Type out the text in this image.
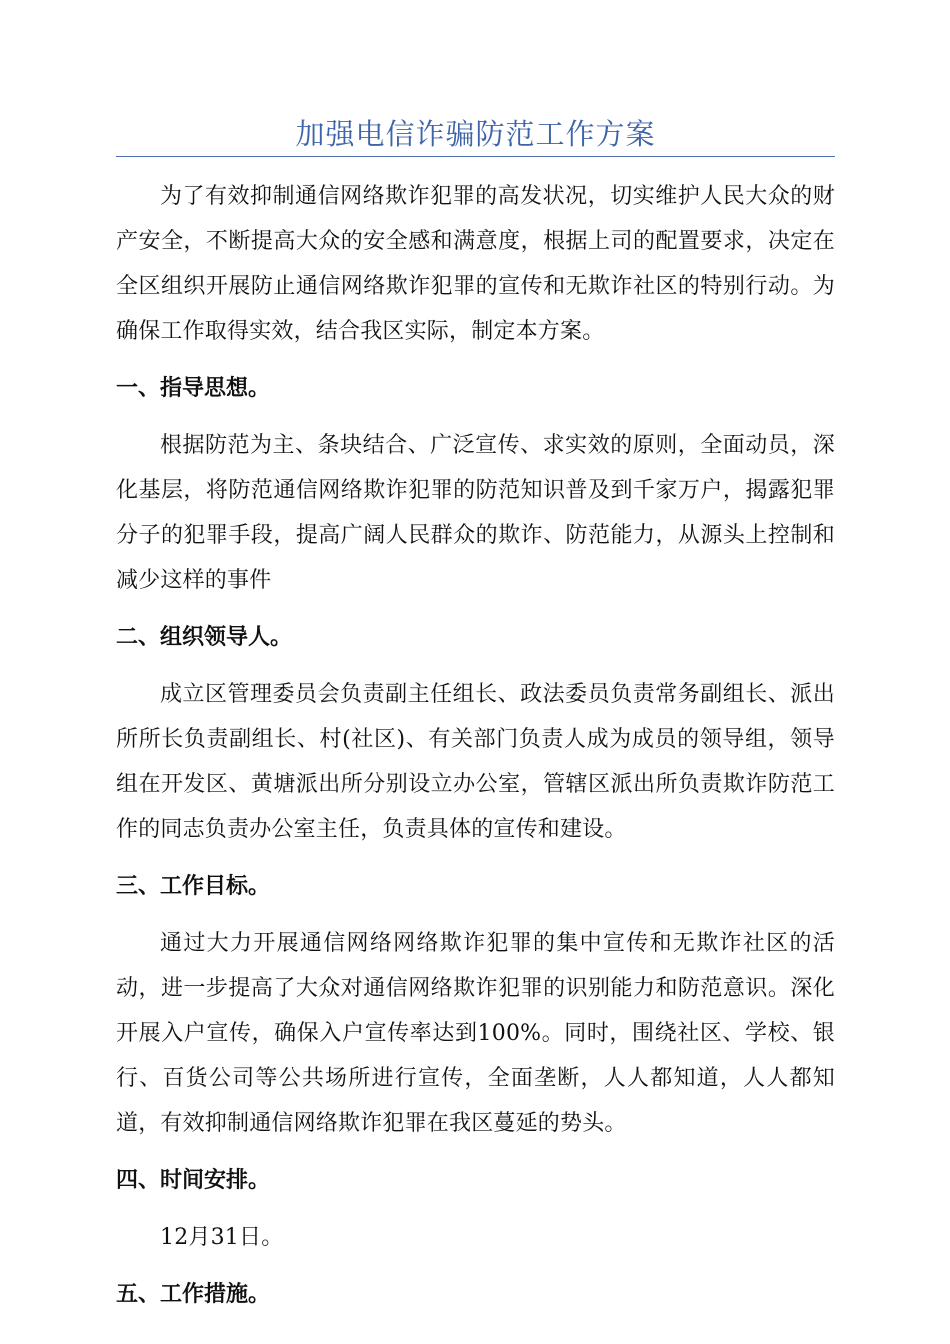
加强电信诈骗防范工作方案

为了有效抑制通信网络欺诈犯罪的高发状况，切实维护人民大众的财产安全，不断提高大众的安全感和满意度，根据上司的配置要求，决定在全区组织开展防止通信网络欺诈犯罪的宣传和无欺诈社区的特别行动。为确保工作取得实效，结合我区实际，制定本方案。

一、指导思想。

根据防范为主、条块结合、广泛宣传、求实效的原则，全面动员，深化基层，将防范通信网络欺诈犯罪的防范知识普及到千家万户，揭露犯罪分子的犯罪手段，提高广阔人民群众的欺诈、防范能力，从源头上控制和减少这样的事件

二、组织领导人。

成立区管理委员会负责副主任组长、政法委员负责常务副组长、派出所所长负责副组长、村(社区)、有关部门负责人成为成员的领导组，领导组在开发区、黄塘派出所分别设立办公室，管辖区派出所负责欺诈防范工作的同志负责办公室主任，负责具体的宣传和建设。

三、工作目标。

通过大力开展通信网络网络欺诈犯罪的集中宣传和无欺诈社区的活动，进一步提高了大众对通信网络欺诈犯罪的识别能力和防范意识。深化开展入户宣传，确保入户宣传率达到100%。同时，围绕社区、学校、银行、百货公司等公共场所进行宣传，全面垄断，人人都知道，人人都知道，有效抑制通信网络欺诈犯罪在我区蔓延的势头。

四、时间安排。

12月31日。

五、工作措施。
